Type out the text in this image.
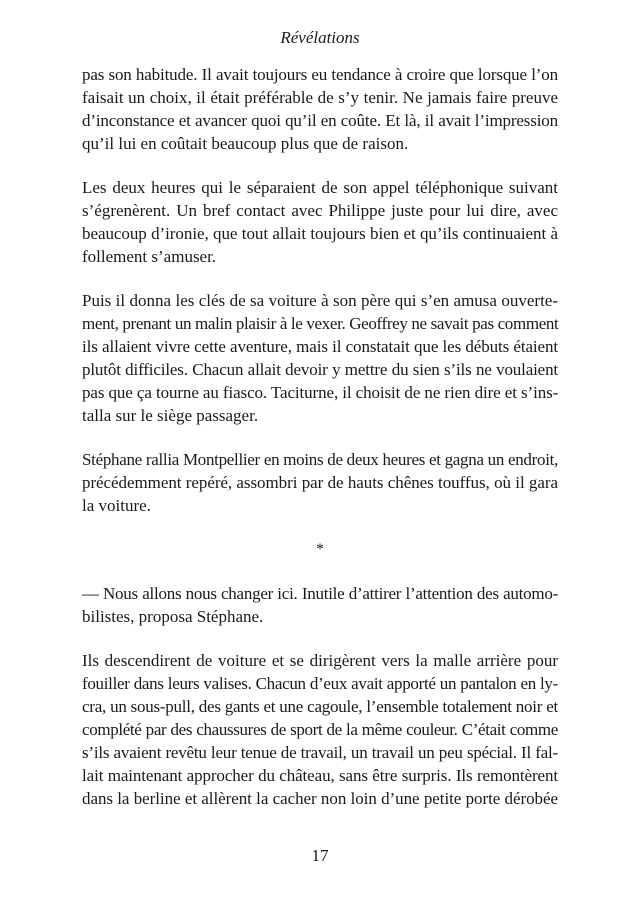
Révélations
pas son habitude. Il avait toujours eu tendance à croire que lorsque l’on
faisait un choix, il était préférable de s’y tenir. Ne jamais faire preuve
d’inconstance et avancer quoi qu’il en coûte. Et là, il avait l’impression
qu’il lui en coûtait beaucoup plus que de raison.
Les deux heures qui le séparaient de son appel téléphonique suivant
s’égrenèrent. Un bref contact avec Philippe juste pour lui dire, avec
beaucoup d’ironie, que tout allait toujours bien et qu’ils continuaient à
follement s’amuser.
Puis il donna les clés de sa voiture à son père qui s’en amusa ouverte-
ment, prenant un malin plaisir à le vexer. Geoffrey ne savait pas comment
ils allaient vivre cette aventure, mais il constatait que les débuts étaient
plutôt difficiles. Chacun allait devoir y mettre du sien s’ils ne voulaient
pas que ça tourne au fiasco. Taciturne, il choisit de ne rien dire et s’ins-
talla sur le siège passager.
Stéphane rallia Montpellier en moins de deux heures et gagna un endroit,
précédemment repéré, assombri par de hauts chênes touffus, où il gara
la voiture.
*
— Nous allons nous changer ici. Inutile d’attirer l’attention des automo-
bilistes, proposa Stéphane.
Ils descendirent de voiture et se dirigèrent vers la malle arrière pour
fouiller dans leurs valises. Chacun d’eux avait apporté un pantalon en ly-
cra, un sous-pull, des gants et une cagoule, l’ensemble totalement noir et
complété par des chaussures de sport de la même couleur. C’était comme
s’ils avaient revêtu leur tenue de travail, un travail un peu spécial. Il fal-
lait maintenant approcher du château, sans être surpris. Ils remontèrent
dans la berline et allèrent la cacher non loin d’une petite porte dérobée
17
